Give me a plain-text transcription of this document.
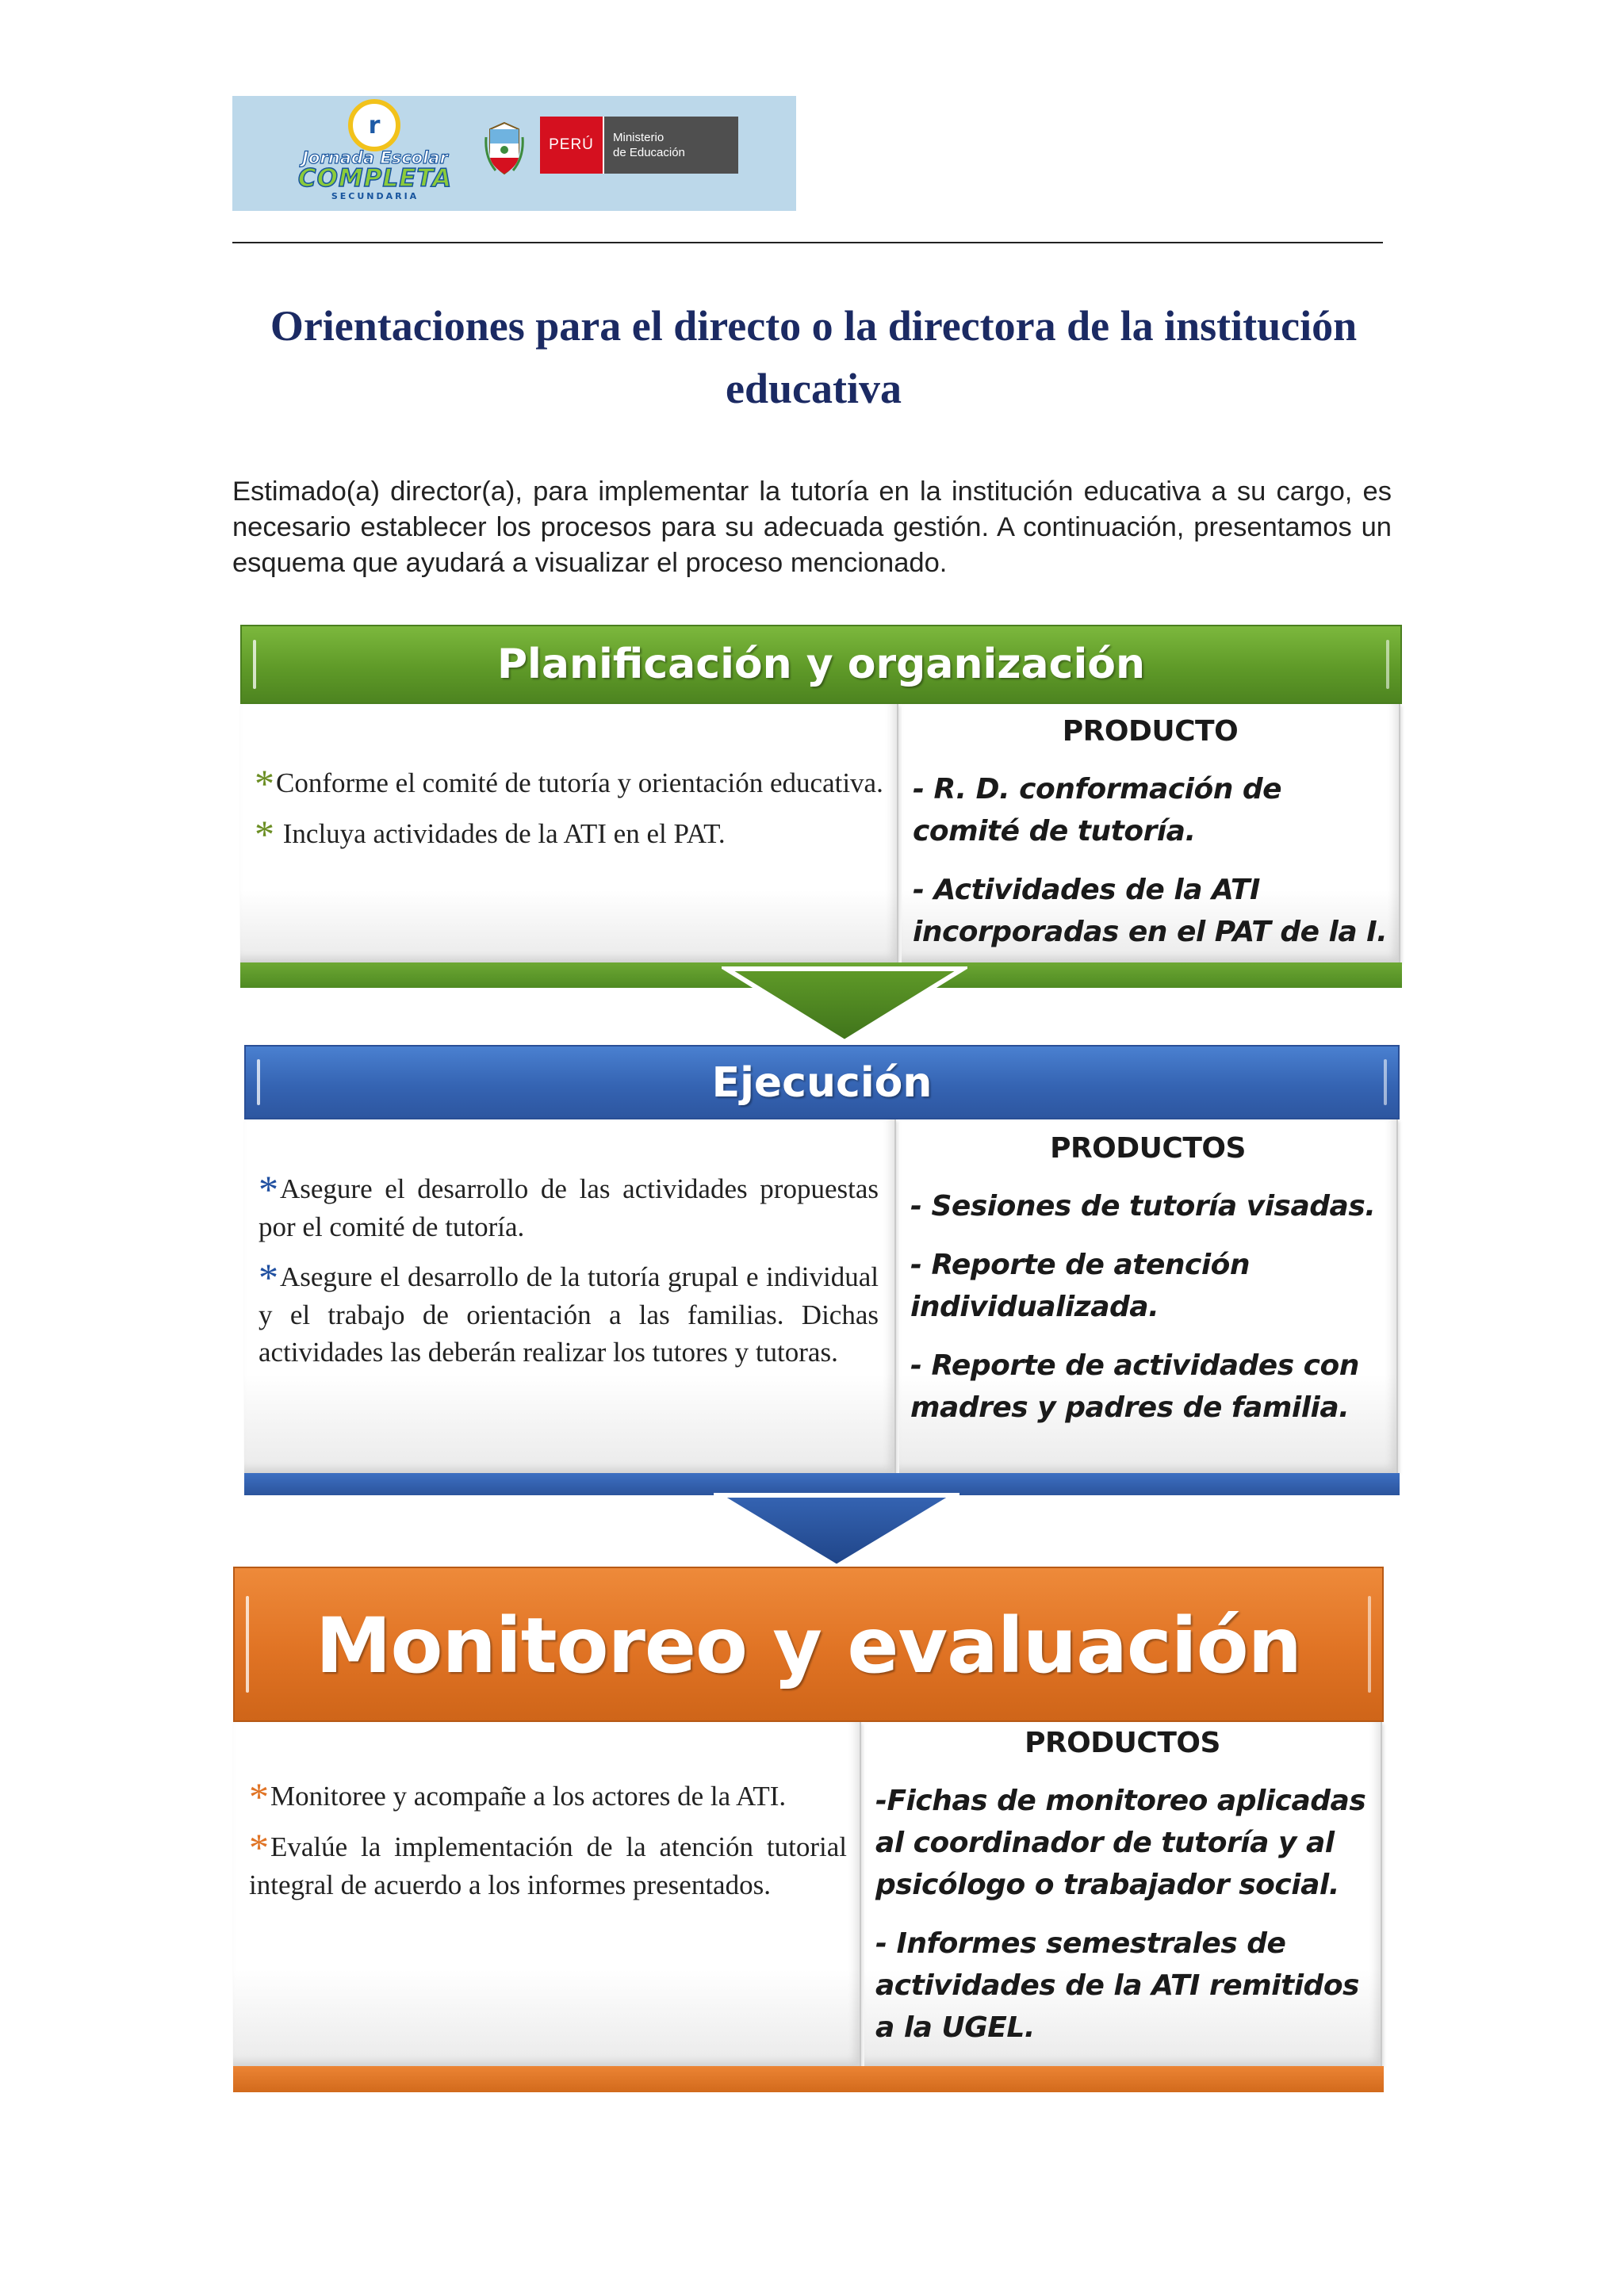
r
Jornada Escolar
COMPLETA
SECUNDARIA
PERÚ	Ministerio
de Educación
Orientaciones para el directo o la directora de la institución educativa

Estimado(a) director(a), para implementar la tutoría en la institución educativa a su cargo, es necesario establecer los procesos para su adecuada gestión. A continuación, presentamos un esquema que ayudará a visualizar el proceso mencionado.

Planificación y organización
*Conforme el comité de tutoría y orientación educativa.
* Incluya actividades de la ATI en el PAT.
PRODUCTO
- R. D. conformación de comité de tutoría.
- Actividades de la ATI incorporadas en el PAT de la I.
Ejecución
*Asegure el desarrollo de las actividades propuestas por el comité de tutoría.
*Asegure el desarrollo de la tutoría grupal e individual y el trabajo de orientación a las familias. Dichas actividades las deberán realizar los tutores y tutoras.
PRODUCTOS
- Sesiones de tutoría visadas.
- Reporte de atención individualizada.
- Reporte de actividades con madres y padres de familia.
Monitoreo y evaluación
*Monitoree y acompañe a los actores de la ATI.
*Evalúe la implementación de la atención tutorial integral de acuerdo a los informes presentados.
PRODUCTOS
-Fichas de monitoreo aplicadas al coordinador de tutoría y al psicólogo o trabajador social.
- Informes semestrales de actividades de la ATI remitidos a la UGEL.
